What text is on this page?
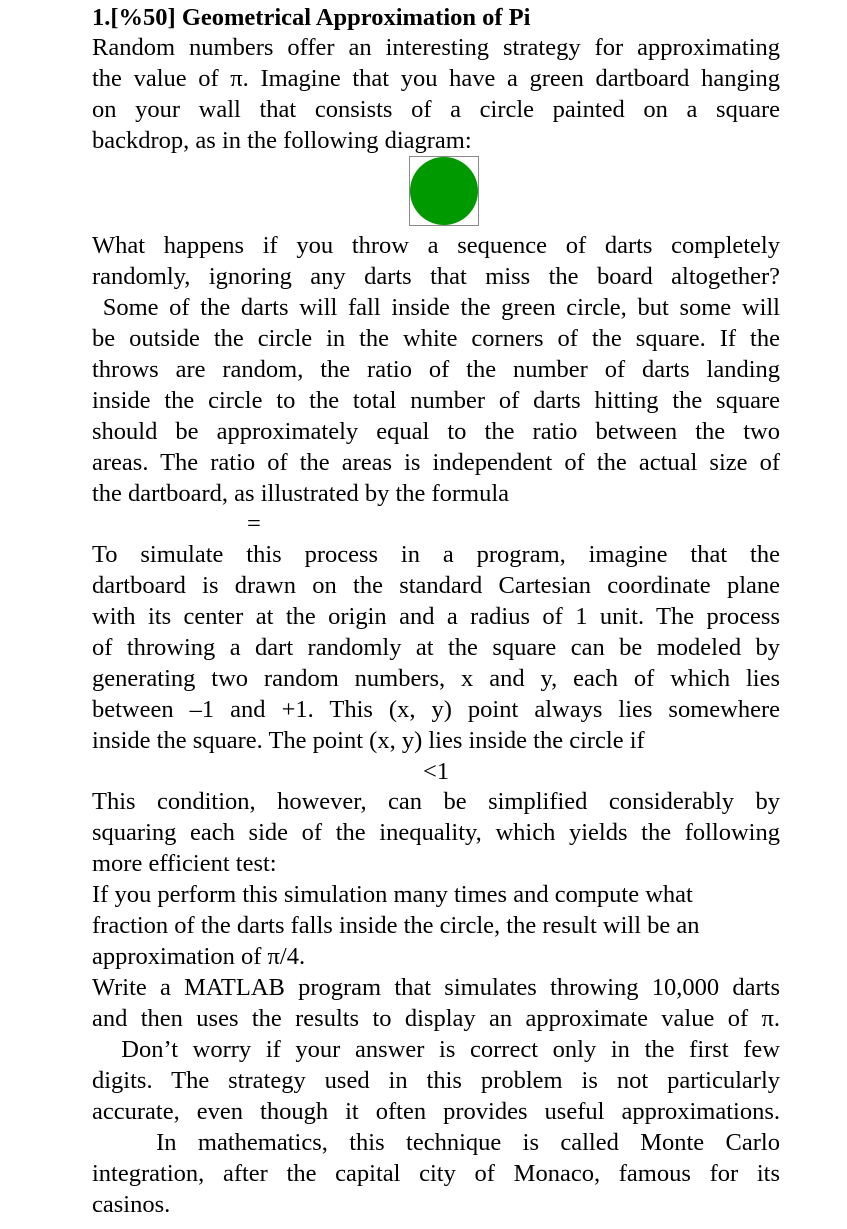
1.[%50] Geometrical Approximation of Pi
Random numbers offer an interesting strategy for approximating
the value of π. Imagine that you have a green dartboard hanging
on your wall that consists of a circle painted on a square
backdrop, as in the following diagram:
What happens if you throw a sequence of darts completely
randomly, ignoring any darts that miss the board altogether?
Some of the darts will fall inside the green circle, but some will
be outside the circle in the white corners of the square. If the
throws are random, the ratio of the number of darts landing
inside the circle to the total number of darts hitting the square
should be approximately equal to the ratio between the two
areas. The ratio of the areas is independent of the actual size of
the dartboard, as illustrated by the formula
To simulate this process in a program, imagine that the
dartboard is drawn on the standard Cartesian coordinate plane
with its center at the origin and a radius of 1 unit. The process
of throwing a dart randomly at the square can be modeled by
generating two random numbers, x and y, each of which lies
between –1 and +1. This (x, y) point always lies somewhere
inside the square. The point (x, y) lies inside the circle if
This condition, however, can be simplified considerably by
squaring each side of the inequality, which yields the following
more efficient test:
If you perform this simulation many times and compute what
fraction of the darts falls inside the circle, the result will be an
approximation of π/4.
Write a MATLAB program that simulates throwing 10,000 darts
and then uses the results to display an approximate value of π.
Don’t worry if your answer is correct only in the first few
digits. The strategy used in this problem is not particularly
accurate, even though it often provides useful approximations.
In mathematics, this technique is called Monte Carlo
integration, after the capital city of Monaco, famous for its
casinos.
=
<1
